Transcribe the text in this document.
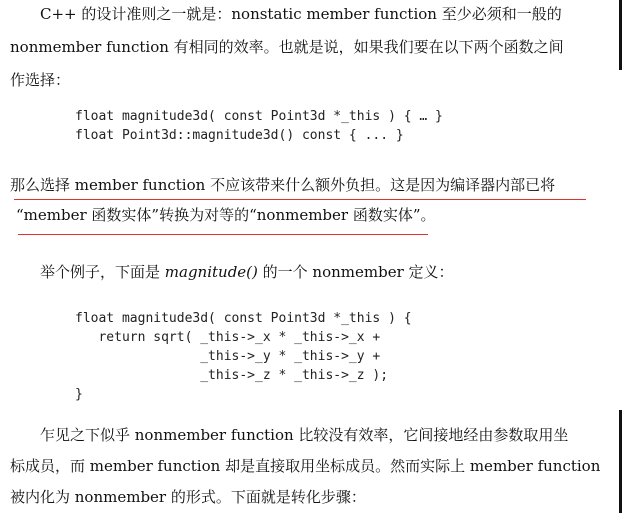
C++ 的设计准则之一就是：nonstatic member function 至少必须和一般的
nonmember function 有相同的效率。也就是说，如果我们要在以下两个函数之间
作选择：
float magnitude3d( const Point3d *_this ) { … }
float Point3d::magnitude3d() const { ... }
那么选择 member function 不应该带来什么额外负担。这是因为编译器内部已将
“member 函数实体”转换为对等的“nonmember 函数实体”。
举个例子，下面是 magnitude() 的一个 nonmember 定义：
float magnitude3d( const Point3d *_this ) {
return sqrt( _this->_x * _this->_x +
_this->_y * _this->_y +
_this->_z * _this->_z );
}
乍见之下似乎 nonmember function 比较没有效率，它间接地经由参数取用坐
标成员，而 member function 却是直接取用坐标成员。然而实际上 member function
被内化为 nonmember 的形式。下面就是转化步骤：
